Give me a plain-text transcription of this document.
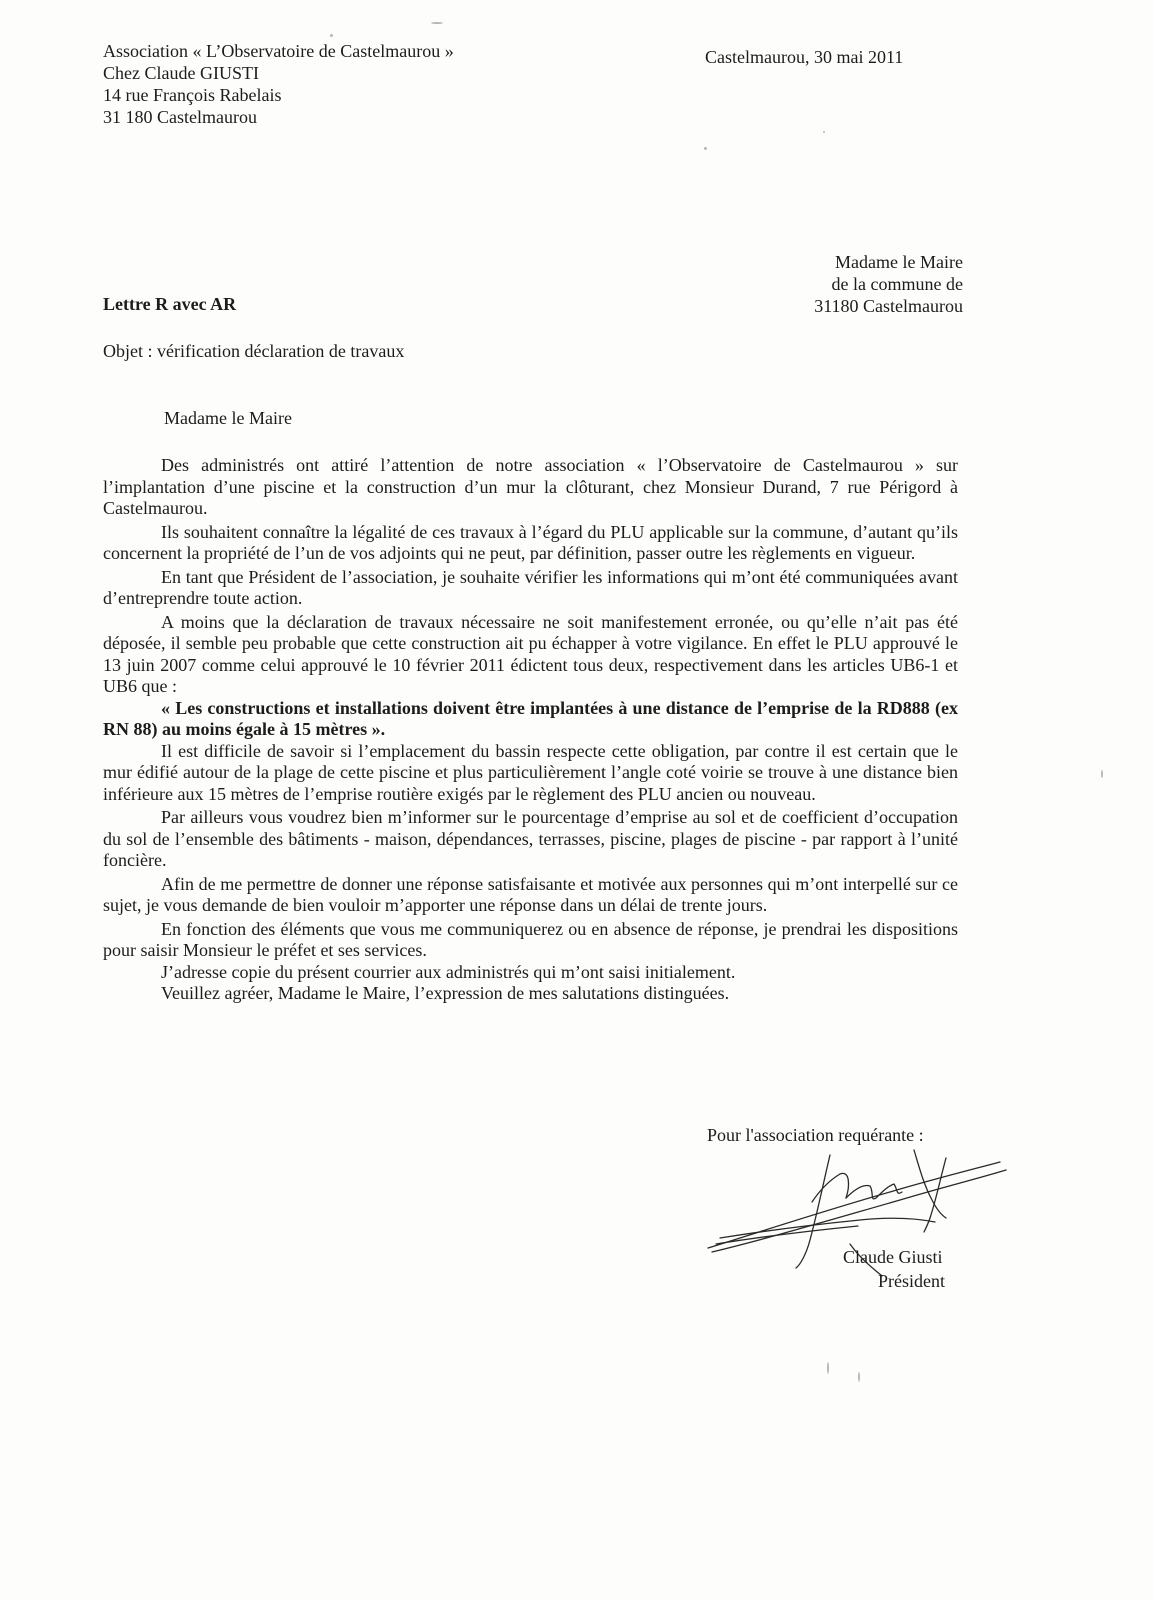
Association « L’Observatoire de Castelmaurou »
Chez Claude GIUSTI
14 rue François Rabelais
31 180 Castelmaurou
Castelmaurou, 30 mai 2011
Madame le Maire
de la commune de
31180 Castelmaurou
Lettre R avec AR
Objet : vérification déclaration de travaux
Madame le Maire

Des administrés ont attiré l’attention de notre association « l’Observatoire de Castelmaurou » sur l’implantation d’une piscine et la construction d’un mur la clôturant, chez Monsieur Durand, 7 rue Périgord à Castelmaurou.

Ils souhaitent connaître la légalité de ces travaux à l’égard du PLU applicable sur la commune, d’autant qu’ils concernent la propriété de l’un de vos adjoints qui ne peut, par définition, passer outre les règlements en vigueur.

En tant que Président de l’association, je souhaite vérifier les informations qui m’ont été communiquées avant d’entreprendre toute action.

A moins que la déclaration de travaux nécessaire ne soit manifestement erronée, ou qu’elle n’ait pas été déposée, il semble peu probable que cette construction ait pu échapper à votre vigilance. En effet le PLU approuvé le 13 juin 2007 comme celui approuvé le 10 février 2011 édictent tous deux, respectivement dans les articles UB6-1 et UB6 que :

« Les constructions et installations doivent être implantées à une distance de l’emprise de la RD888 (ex RN 88) au moins égale à 15 mètres ».

Il est difficile de savoir si l’emplacement du bassin respecte cette obligation, par contre il est certain que le mur édifié autour de la plage de cette piscine et plus particulièrement l’angle coté voirie se trouve à une distance bien inférieure aux 15 mètres de l’emprise routière exigés par le règlement des PLU ancien ou nouveau.

Par ailleurs vous voudrez bien m’informer sur le pourcentage d’emprise au sol et de coefficient d’occupation du sol de l’ensemble des bâtiments - maison, dépendances, terrasses, piscine, plages de piscine - par rapport à l’unité foncière.

Afin de me permettre de donner une réponse satisfaisante et motivée aux personnes qui m’ont interpellé sur ce sujet, je vous demande de bien vouloir m’apporter une réponse dans un délai de trente jours.

En fonction des éléments que vous me communiquerez ou en absence de réponse, je prendrai les dispositions pour saisir Monsieur le préfet et ses services.

J’adresse copie du présent courrier aux administrés qui m’ont saisi initialement.

Veuillez agréer, Madame le Maire, l’expression de mes salutations distinguées.

Pour l'association requérante :
Claude Giusti
Président
